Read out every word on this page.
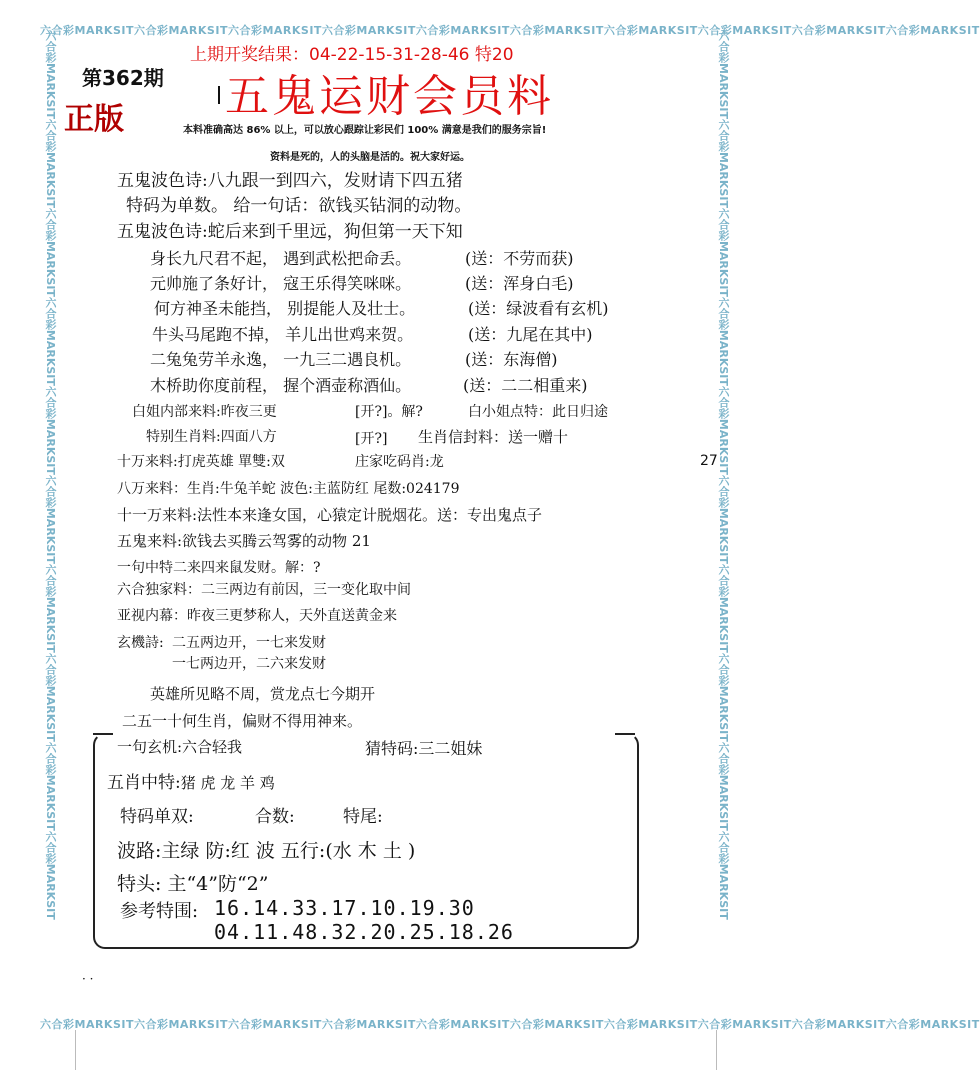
六合彩MARKSIT六合彩MARKSIT六合彩MARKSIT六合彩MARKSIT六合彩MARKSIT六合彩MARKSIT六合彩MARKSIT六合彩MARKSIT六合彩MARKSIT六合彩MARKSIT
六合彩MARKSIT六合彩MARKSIT六合彩MARKSIT六合彩MARKSIT六合彩MARKSIT六合彩MARKSIT六合彩MARKSIT六合彩MARKSIT六合彩MARKSIT六合彩MARKSIT
六合彩MARKSIT六合彩MARKSIT六合彩MARKSIT六合彩MARKSIT六合彩MARKSIT六合彩MARKSIT六合彩MARKSIT六合彩MARKSIT六合彩MARKSIT六合彩MARKSIT	六合彩MARKSIT六合彩MARKSIT六合彩MARKSIT六合彩MARKSIT六合彩MARKSIT六合彩MARKSIT六合彩MARKSIT六合彩MARKSIT六合彩MARKSIT六合彩MARKSIT
上期开奖结果：04-22-15-31-28-46 特20
第362期
正版 五鬼运财会员料
本料准确高达 86% 以上，可以放心跟踪让彩民们 100% 满意是我们的服务宗旨!
资料是死的，人的头脑是活的。祝大家好运。
五鬼波色诗:八九跟一到四六，发财请下四五猪
特码为单数。 给一句话：欲钱买钻洞的动物。
五鬼波色诗:蛇后来到千里远，狗但第一天下知
身长九尺君不起， 遇到武松把命丢。	(送：不劳而获)
元帅施了条好计， 寇王乐得笑咪咪。	(送：浑身白毛)
何方神圣未能挡， 别提能人及壮士。	(送：绿波看有玄机)
牛头马尾跑不掉， 羊儿出世鸡来贺。	(送：九尾在其中)
二兔兔劳羊永逸， 一九三二遇良机。	(送：东海僧)
木桥助你度前程， 握个酒壶称酒仙。	(送：二二相重来)
白姐内部来料:昨夜三更	[开?]。解?	白小姐点特：此日归途
特别生肖料:四面八方	[开?] 生肖信封料：送一赠十
十万来料:打虎英雄 單雙:双	庄家吃码肖:龙	27
八万来料：生肖:牛兔羊蛇 波色:主蓝防红 尾数:024179
十一万来料:法性本来逢女国，心猿定计脱烟花。送：专出鬼点子
五鬼来料:欲钱去买腾云驾雾的动物 21
一句中特二来四来鼠发财。解：?
六合独家料：二三两边有前因，三一变化取中间
亚视内幕：昨夜三更梦称人，天外直送黄金来
玄機詩: 二五两边开，一七来发财
一七两边开，二六来发财
英雄所见略不周，赏龙点七今期开
二五一十何生肖，偏财不得用神来。
一句玄机:六合轻我	猜特码:三二姐妹
五肖中特:猪 虎 龙 羊 鸡
特码单双:	合数:	特尾:
波路:主绿 防:红 波 五行:(水 木 土 )
特头: 主“4”防“2”
参考特围: 16.14.33.17.10.19.30
04.11.48.32.20.25.18.26
· ·
